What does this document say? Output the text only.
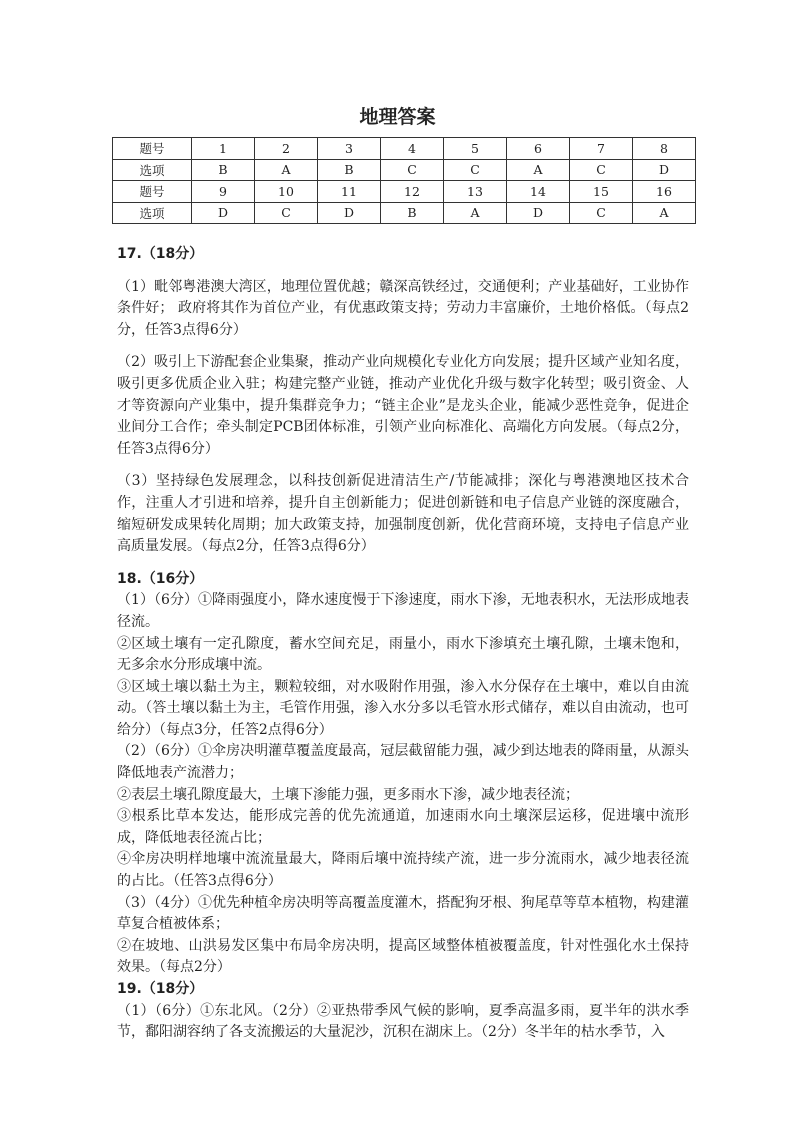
地理答案
题号	1	2	3	4	5	6	7	8
选项	B	A	B	C	C	A	C	D
题号	9	10	11	12	13	14	15	16
选项	D	C	D	B	A	D	C	A

17.（18分）

（1）毗邻粤港澳大湾区，地理位置优越；赣深高铁经过，交通便利；产业基础好，工业协作条件好； 政府将其作为首位产业，有优惠政策支持；劳动力丰富廉价，土地价格低。（每点2分，任答3点得6分）

（2）吸引上下游配套企业集聚，推动产业向规模化专业化方向发展；提升区域产业知名度，吸引更多优质企业入驻；构建完整产业链，推动产业优化升级与数字化转型；吸引资金、人才等资源向产业集中，提升集群竞争力；“链主企业”是龙头企业，能减少恶性竞争，促进企业间分工合作；牵头制定PCB团体标准，引领产业向标准化、高端化方向发展。（每点2分，任答3点得6分）

（3）坚持绿色发展理念，以科技创新促进清洁生产/节能减排；深化与粤港澳地区技术合作，注重人才引进和培养，提升自主创新能力；促进创新链和电子信息产业链的深度融合，缩短研发成果转化周期；加大政策支持，加强制度创新，优化营商环境，支持电子信息产业高质量发展。（每点2分，任答3点得6分）

18.（16分）

（1）（6分）①降雨强度小，降水速度慢于下渗速度，雨水下渗，无地表积水，无法形成地表径流。

②区域土壤有一定孔隙度，蓄水空间充足，雨量小，雨水下渗填充土壤孔隙，土壤未饱和，无多余水分形成壤中流。

③区域土壤以黏土为主，颗粒较细，对水吸附作用强，渗入水分保存在土壤中，难以自由流动。（答土壤以黏土为主，毛管作用强，渗入水分多以毛管水形式储存，难以自由流动，也可给分）（每点3分，任答2点得6分）

（2）（6分）①伞房决明灌草覆盖度最高，冠层截留能力强，减少到达地表的降雨量，从源头降低地表产流潜力；

②表层土壤孔隙度最大，土壤下渗能力强，更多雨水下渗，减少地表径流；

③根系比草本发达，能形成完善的优先流通道，加速雨水向土壤深层运移，促进壤中流形成，降低地表径流占比；

④伞房决明样地壤中流流量最大，降雨后壤中流持续产流，进一步分流雨水，减少地表径流的占比。（任答3点得6分）

（3）（4分）①优先种植伞房决明等高覆盖度灌木，搭配狗牙根、狗尾草等草本植物，构建灌草复合植被体系；

②在坡地、山洪易发区集中布局伞房决明，提高区域整体植被覆盖度，针对性强化水土保持效果。（每点2分）

19.（18分）

（1）（6分）①东北风。（2分）②亚热带季风气候的影响，夏季高温多雨，夏半年的洪水季节，鄱阳湖容纳了各支流搬运的大量泥沙，沉积在湖床上。（2分）冬半年的枯水季节，入
